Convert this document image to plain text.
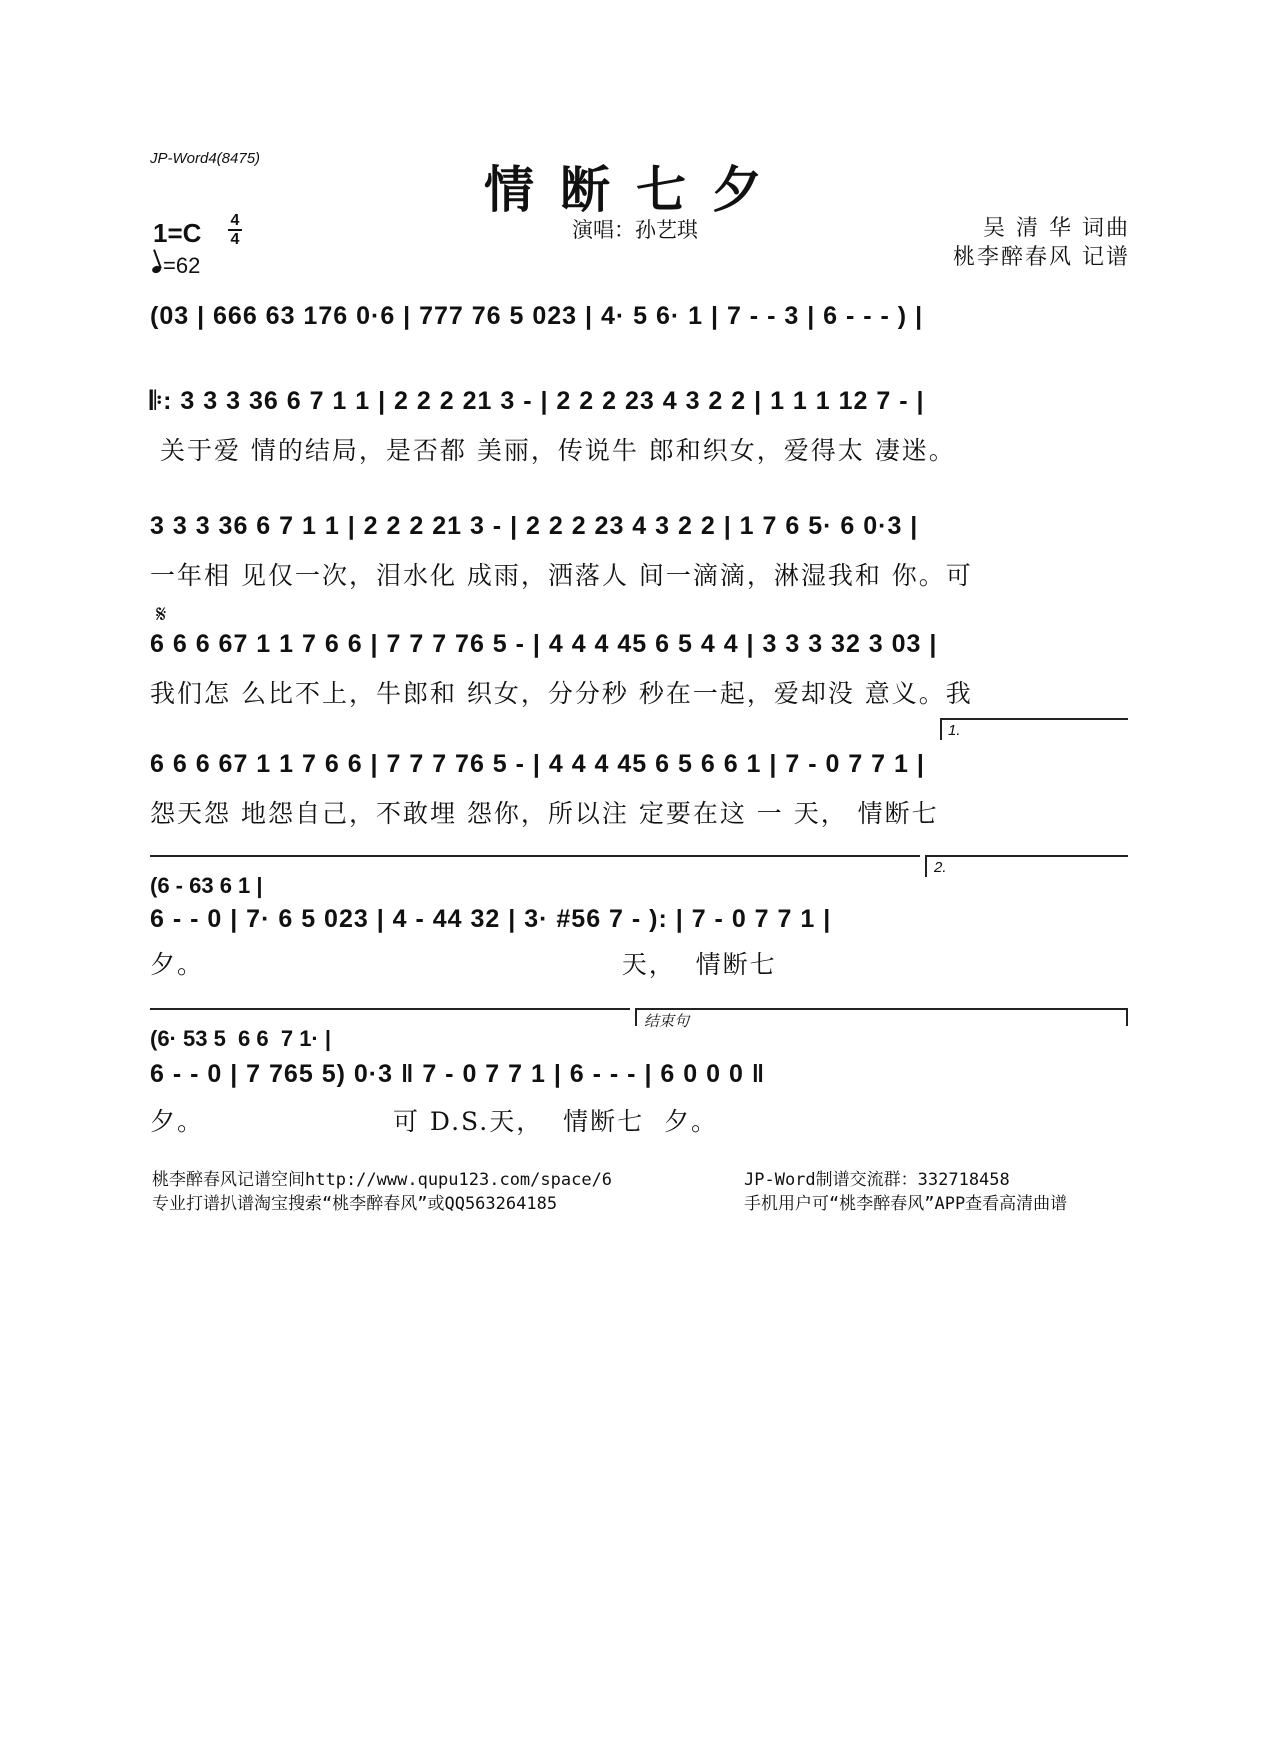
JP-Word4(8475)
情断七夕
演唱：孙艺琪	吴 清 华 词曲
桃李醉春风 记谱
1=C 4
4
=62
(03 | 666 63 176 0·6 | 777 76 5 023 | 4· 5 6· 1 | 7 - - 3 | 6 - - - ) |
𝄆: 3 3 3 36 6 7 1 1 | 2 2 2 21 3 - | 2 2 2 23 4 3 2 2 | 1 1 1 12 7 - |
关于爱 情的结局，是否都 美丽，传说牛 郎和织女，爱得太 凄迷。
3 3 3 36 6 7 1 1 | 2 2 2 21 3 - | 2 2 2 23 4 3 2 2 | 1 7 6 5· 6 0·3 |
一年相 见仅一次，泪水化 成雨，洒落人 间一滴滴，淋湿我和 你。可
𝄋
6 6 6 67 1 1 7 6 6 | 7 7 7 76 5 - | 4 4 4 45 6 5 4 4 | 3 3 3 32 3 03 |
我们怎 么比不上，牛郎和 织女，分分秒 秒在一起，爱却没 意义。我
1.
6 6 6 67 1 1 7 6 6 | 7 7 7 76 5 - | 4 4 4 45 6 5 6 6 1 | 7 - 0 7 7 1 |
怨天怨 地怨自己，不敢埋 怨你，所以注 定要在这 一 天， 情断七
2.
(6 - 63 6 1 |
6 - - 0 | 7· 6 5 023 | 4 - 44 32 | 3· #56 7 - ): | 7 - 0 7 7 1 |
夕。                                          天，  情断七
结束句
(6· 53 5  6 6  7 1· |
6 - - 0 | 7 765 5) 0·3 ‖ 7 - 0 7 7 1 | 6 - - - | 6 0 0 0 ‖
夕。                   可 D.S.天，  情断七  夕。
桃李醉春风记谱空间http://www.qupu123.com/space/6
专业打谱扒谱淘宝搜索“桃李醉春风”或QQ563264185
JP-Word制谱交流群：332718458
手机用户可“桃李醉春风”APP查看高清曲谱
